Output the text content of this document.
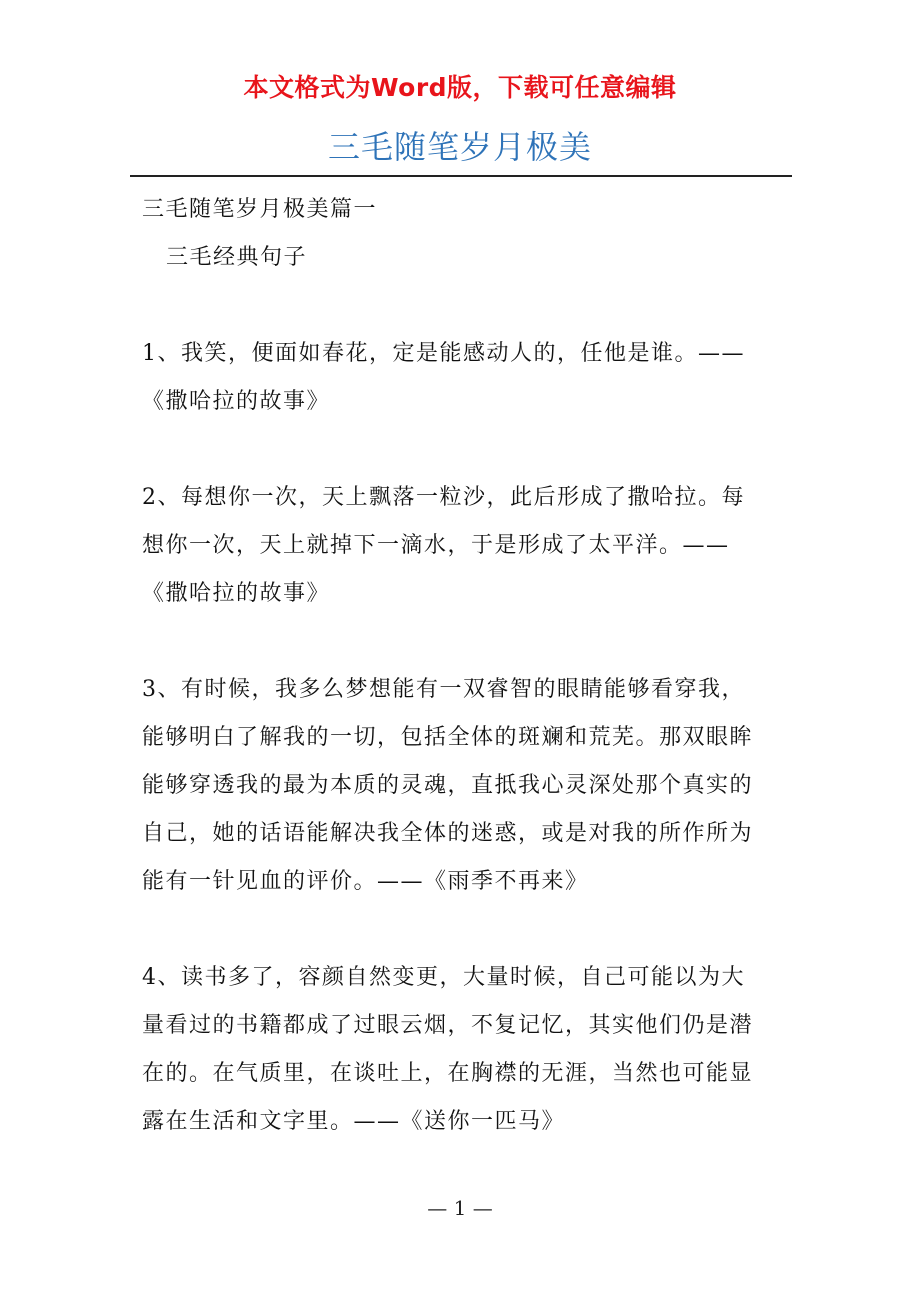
本文格式为Word版，下载可任意编辑
三毛随笔岁月极美

三毛随笔岁月极美篇一

三毛经典句子

1、我笑，便面如春花，定是能感动人的，任他是谁。——

《撒哈拉的故事》

2、每想你一次，天上飘落一粒沙，此后形成了撒哈拉。每

想你一次，天上就掉下一滴水，于是形成了太平洋。——

《撒哈拉的故事》

3、有时候，我多么梦想能有一双睿智的眼睛能够看穿我，

能够明白了解我的一切，包括全体的斑斓和荒芜。那双眼眸

能够穿透我的最为本质的灵魂，直抵我心灵深处那个真实的

自己，她的话语能解决我全体的迷惑，或是对我的所作所为

能有一针见血的评价。——《雨季不再来》

4、读书多了，容颜自然变更，大量时候，自己可能以为大

量看过的书籍都成了过眼云烟，不复记忆，其实他们仍是潜

在的。在气质里，在谈吐上，在胸襟的无涯，当然也可能显

露在生活和文字里。——《送你一匹马》

— 1 —
